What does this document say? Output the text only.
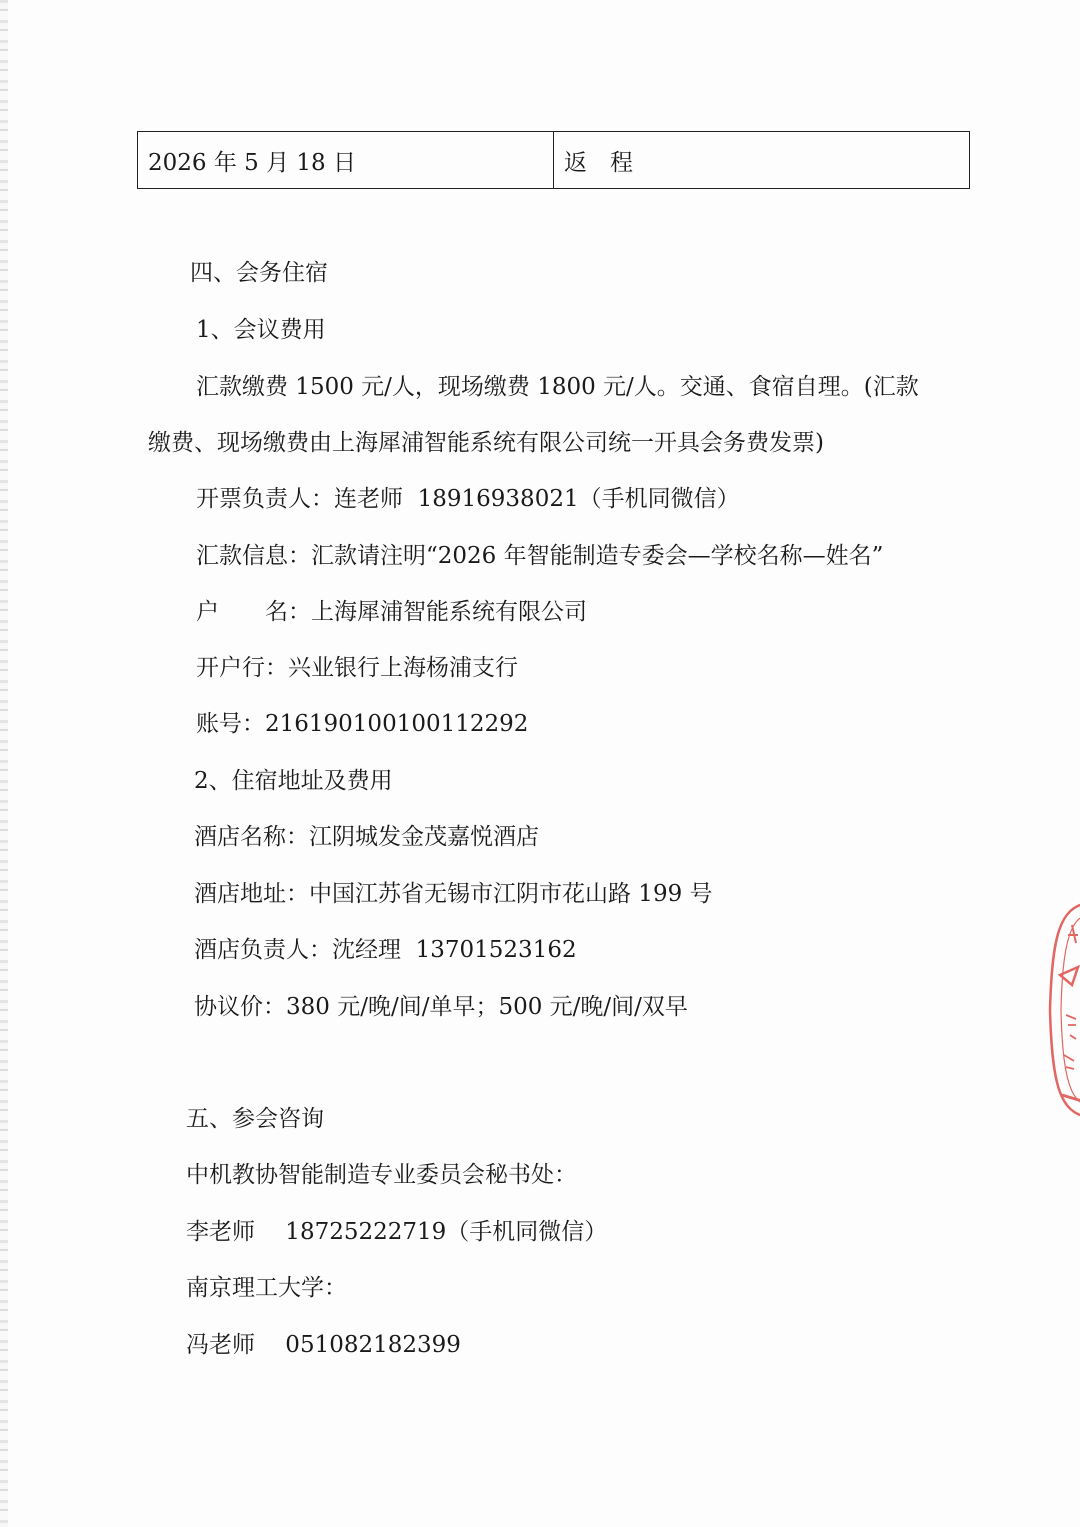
2026 年 5 月 18 日	返　程
四、会务住宿
1、会议费用
汇款缴费 1500 元/人，现场缴费 1800 元/人。交通、食宿自理。(汇款
缴费、现场缴费由上海犀浦智能系统有限公司统一开具会务费发票)
开票负责人：连老师  18916938021（手机同微信）
汇款信息：汇款请注明“2026 年智能制造专委会—学校名称—姓名”
户　　名：上海犀浦智能系统有限公司
开户行：兴业银行上海杨浦支行
账号：216190100100112292
2、住宿地址及费用
酒店名称：江阴城发金茂嘉悦酒店
酒店地址：中国江苏省无锡市江阴市花山路 199 号
酒店负责人：沈经理  13701523162
协议价：380 元/晚/间/单早；500 元/晚/间/双早
五、参会咨询
中机教协智能制造专业委员会秘书处：
李老师　 18725222719（手机同微信）
南京理工大学：
冯老师　 051082182399
